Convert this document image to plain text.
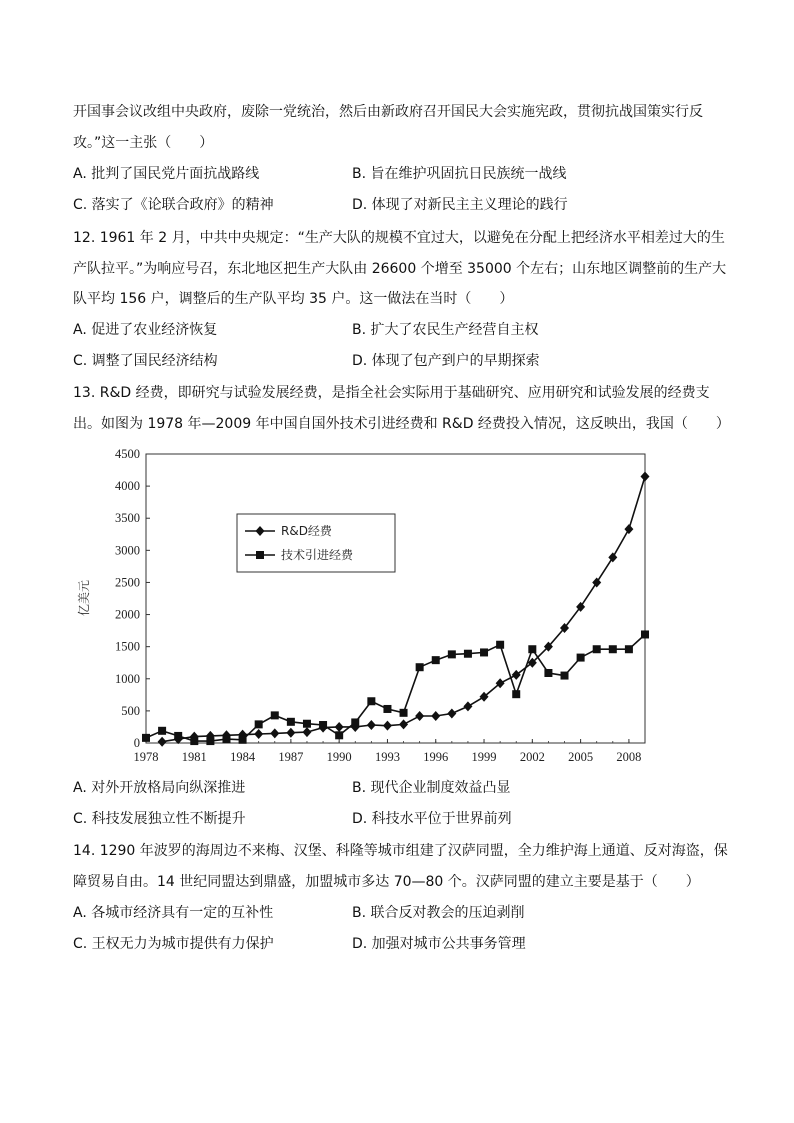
开国事会议改组中央政府，废除一党统治，然后由新政府召开国民大会实施宪政，贯彻抗战国策实行反
攻。”这一主张（　　）
A. 批判了国民党片面抗战路线	B. 旨在维护巩固抗日民族统一战线
C. 落实了《论联合政府》的精神	D. 体现了对新民主主义理论的践行
12. 1961 年 2 月，中共中央规定：“生产大队的规模不宜过大，以避免在分配上把经济水平相差过大的生
产队拉平。”为响应号召，东北地区把生产大队由 26600 个增至 35000 个左右；山东地区调整前的生产大
队平均 156 户，调整后的生产队平均 35 户。这一做法在当时（　　）
A. 促进了农业经济恢复	B. 扩大了农民生产经营自主权
C. 调整了国民经济结构	D. 体现了包产到户的早期探索
13. R&D 经费，即研究与试验发展经费，是指全社会实际用于基础研究、应用研究和试验发展的经费支
出。如图为 1978 年—2009 年中国自国外技术引进经费和 R&D 经费投入情况，这反映出，我国（　　）
0
500
1000
1500
2000
2500
3000
3500
4000
4500
1978 1981 1984 1987 1990 1993 1996 1999 2002 2005 2008
R&D经费
技术引进经费
亿美元
A. 对外开放格局向纵深推进	B. 现代企业制度效益凸显
C. 科技发展独立性不断提升	D. 科技水平位于世界前列
14. 1290 年波罗的海周边不来梅、汉堡、科隆等城市组建了汉萨同盟，全力维护海上通道、反对海盗，保
障贸易自由。14 世纪同盟达到鼎盛，加盟城市多达 70—80 个。汉萨同盟的建立主要是基于（　　）
A. 各城市经济具有一定的互补性	B. 联合反对教会的压迫剥削
C. 王权无力为城市提供有力保护	D. 加强对城市公共事务管理
